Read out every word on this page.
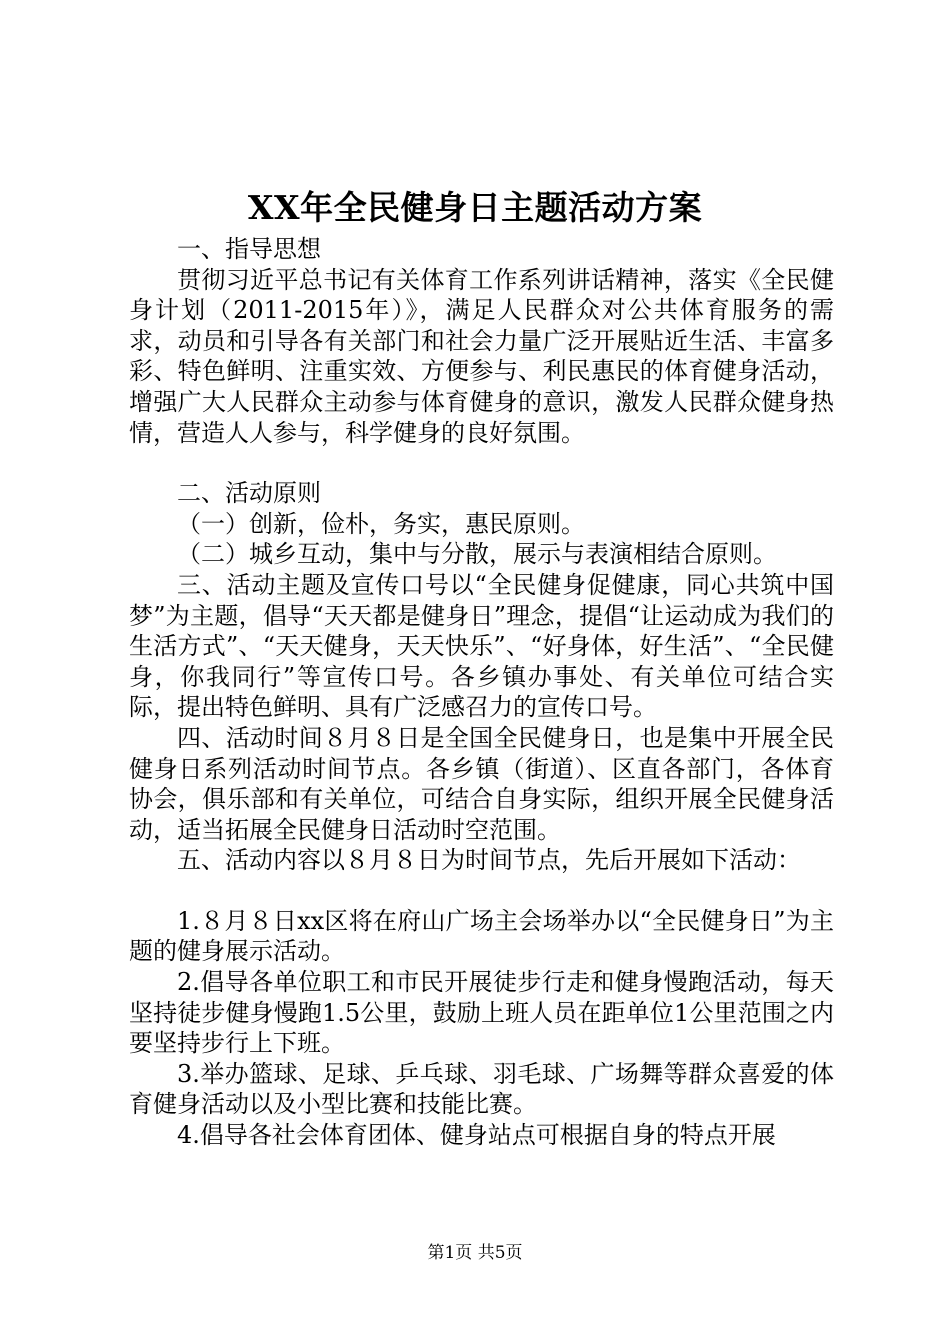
XX年全民健身日主题活动方案

一、指导思想

贯彻习近平总书记有关体育工作系列讲话精神，落实《全民健身计划（2011-2015年）》，满足人民群众对公共体育服务的需求，动员和引导各有关部门和社会力量广泛开展贴近生活、丰富多彩、特色鲜明、注重实效、方便参与、利民惠民的体育健身活动，增强广大人民群众主动参与体育健身的意识，激发人民群众健身热情，营造人人参与，科学健身的良好氛围。

二、活动原则

（一）创新，俭朴，务实，惠民原则。

（二）城乡互动，集中与分散，展示与表演相结合原则。

三、活动主题及宣传口号以“全民健身促健康，同心共筑中国梦”为主题，倡导“天天都是健身日”理念，提倡“让运动成为我们的生活方式”、“天天健身，天天快乐”、“好身体，好生活”、“全民健身，你我同行”等宣传口号。各乡镇办事处、有关单位可结合实际，提出特色鲜明、具有广泛感召力的宣传口号。

四、活动时间８月８日是全国全民健身日，也是集中开展全民健身日系列活动时间节点。各乡镇（街道）、区直各部门，各体育协会，俱乐部和有关单位，可结合自身实际，组织开展全民健身活动，适当拓展全民健身日活动时空范围。

五、活动内容以８月８日为时间节点，先后开展如下活动：

1.８月８日xx区将在府山广场主会场举办以“全民健身日”为主题的健身展示活动。

2.倡导各单位职工和市民开展徒步行走和健身慢跑活动，每天坚持徒步健身慢跑1.5公里，鼓励上班人员在距单位1公里范围之内要坚持步行上下班。

3.举办篮球、足球、乒乓球、羽毛球、广场舞等群众喜爱的体育健身活动以及小型比赛和技能比赛。

4.倡导各社会体育团体、健身站点可根据自身的特点开展

第1页 共5页
